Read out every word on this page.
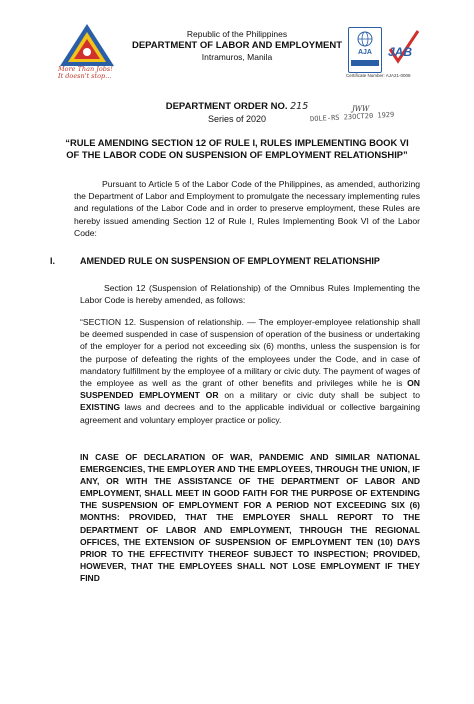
More Than Jobs!
It doesn't stop...
Republic of the Philippines
DEPARTMENT OF LABOR AND EMPLOYMENT
Intramuros, Manila	AJA	JAB
Certificate Number: AJA21-0008
DEPARTMENT ORDER NO. 215
Series of 2020
JWW
DOLE-RS 23OCT20 1929
“RULE AMENDING SECTION 12 OF RULE I, RULES IMPLEMENTING BOOK VI
OF THE LABOR CODE ON SUSPENSION OF EMPLOYMENT RELATIONSHIP”
Pursuant to Article 5 of the Labor Code of the Philippines, as amended, authorizing the Department of Labor and Employment to promulgate the necessary implementing rules and regulations of the Labor Code and in order to preserve employment, these Rules are hereby issued amending Section 12 of Rule I, Rules Implementing Book VI of the Labor Code:
I.	AMENDED RULE ON SUSPENSION OF EMPLOYMENT RELATIONSHIP
Section 12 (Suspension of Relationship) of the Omnibus Rules Implementing the Labor Code is hereby amended, as follows:
“SECTION 12. Suspension of relationship. — The employer-employee relationship shall be deemed suspended in case of suspension of operation of the business or undertaking of the employer for a period not exceeding six (6) months, unless the suspension is for the purpose of defeating the rights of the employees under the Code, and in case of mandatory fulfillment by the employee of a military or civic duty. The payment of wages of the employee as well as the grant of other benefits and privileges while he is ON SUSPENDED EMPLOYMENT OR on a military or civic duty shall be subject to EXISTING laws and decrees and to the applicable individual or collective bargaining agreement and voluntary employer practice or policy.
IN CASE OF DECLARATION OF WAR, PANDEMIC AND SIMILAR NATIONAL EMERGENCIES, THE EMPLOYER AND THE EMPLOYEES, THROUGH THE UNION, IF ANY, OR WITH THE ASSISTANCE OF THE DEPARTMENT OF LABOR AND EMPLOYMENT, SHALL MEET IN GOOD FAITH FOR THE PURPOSE OF EXTENDING THE SUSPENSION OF EMPLOYMENT FOR A PERIOD NOT EXCEEDING SIX (6) MONTHS: PROVIDED, THAT THE EMPLOYER SHALL REPORT TO THE DEPARTMENT OF LABOR AND EMPLOYMENT, THROUGH THE REGIONAL OFFICES, THE EXTENSION OF SUSPENSION OF EMPLOYMENT TEN (10) DAYS PRIOR TO THE EFFECTIVITY THEREOF SUBJECT TO INSPECTION; PROVIDED, HOWEVER, THAT THE EMPLOYEES SHALL NOT LOSE EMPLOYMENT IF THEY FIND
